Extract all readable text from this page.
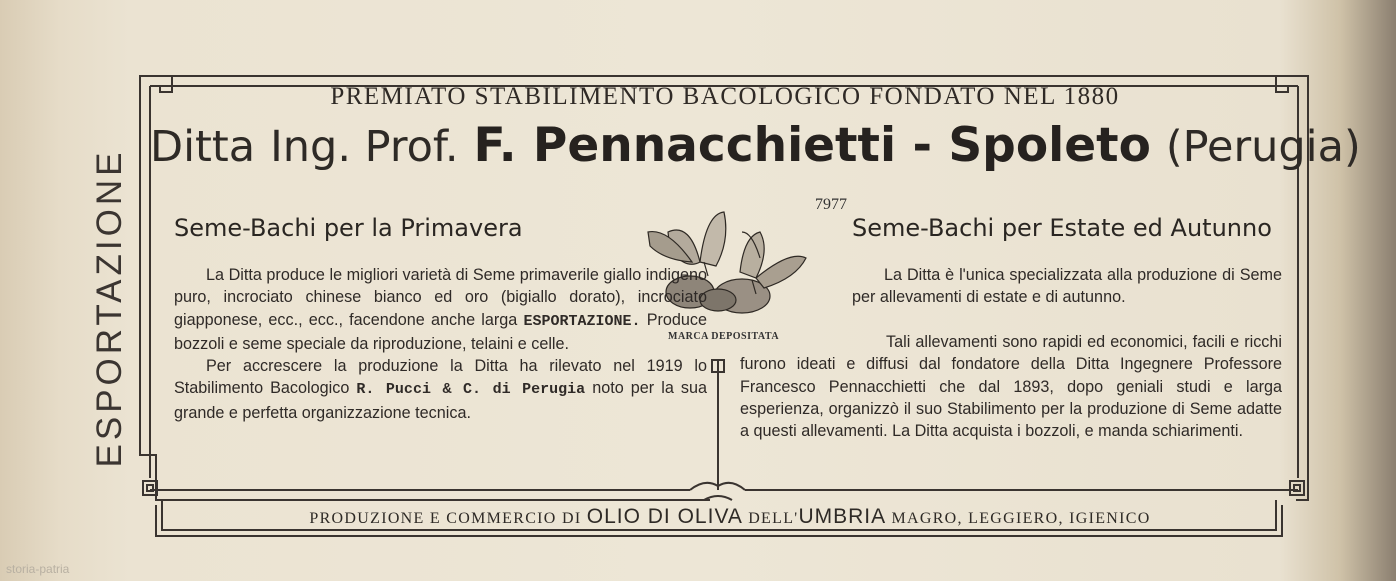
ESPORTAZIONE
PREMIATO STABILIMENTO BACOLOGICO FONDATO NEL 1880
Ditta Ing. Prof. F. Pennacchietti - Spoleto (Perugia)
7977
Seme-Bachi per la Primavera	Seme-Bachi per Estate ed Autunno

La Ditta produce le migliori varietà di Seme primaverile giallo indigeno puro, incrociato chinese bianco ed oro (bigiallo dorato), incrociato giapponese, ecc., ecc., facendone anche larga ESPORTAZIONE. Produce bozzoli e seme speciale da riproduzione, telaini e celle.

Per accrescere la produzione la Ditta ha rilevato nel 1919 lo Stabilimento Bacologico R. Pucci & C. di Perugia noto per la sua grande e perfetta organizzazione tecnica.

MARCA DEPOSITATA

La Ditta è l'unica specializzata alla produzione di Seme per allevamenti di estate e di autunno.

Tali allevamenti sono rapidi ed economici, facili e ricchi furono ideati e diffusi dal fondatore della Ditta Ingegnere Professore Francesco Pennacchietti che dal 1893, dopo geniali studi e larga esperienza, organizzò il suo Stabilimento per la produzione di Seme adatte a questi allevamenti. La Ditta acquista i bozzoli, e manda schiarimenti.

PRODUZIONE E COMMERCIO DI OLIO DI OLIVA DELL'UMBRIA MAGRO, LEGGIERO, IGIENICO
storia-patria
